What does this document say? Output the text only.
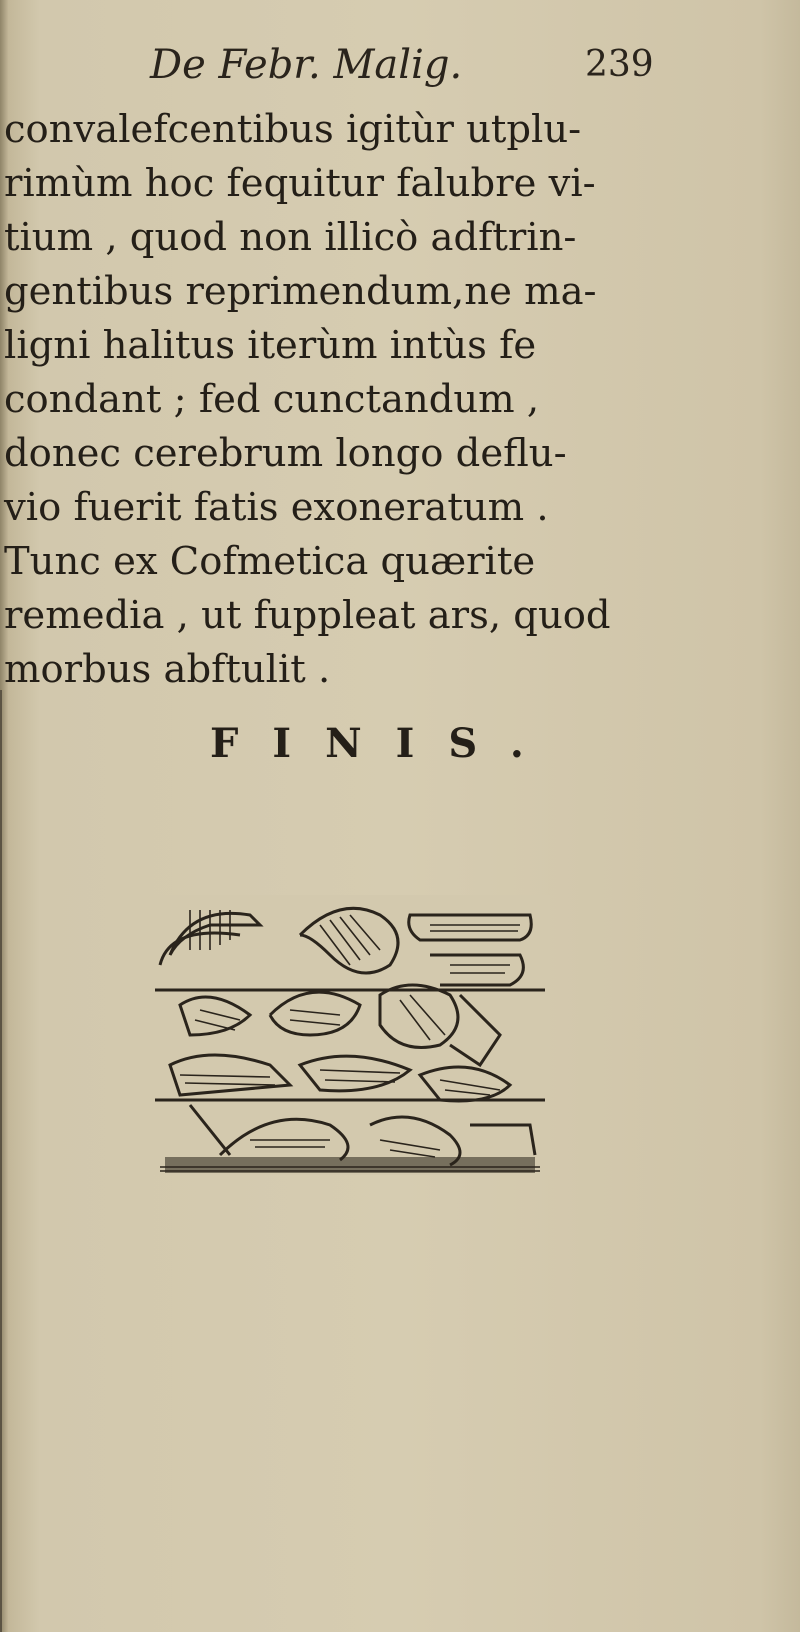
De Febr. Malig.	239
convalefcentibus igitùr utplu-
rimùm hoc fequitur falubre vi-
tium , quod non illicò adftrin-
gentibus reprimendum,ne ma-
ligni halitus iterùm intùs fe
condant ; fed cunctandum ,
donec cerebrum longo deflu-
vio fuerit fatis exoneratum .
Tunc ex Cofmetica quærite
remedia , ut fuppleat ars, quod
morbus abftulit .
FINIS.
